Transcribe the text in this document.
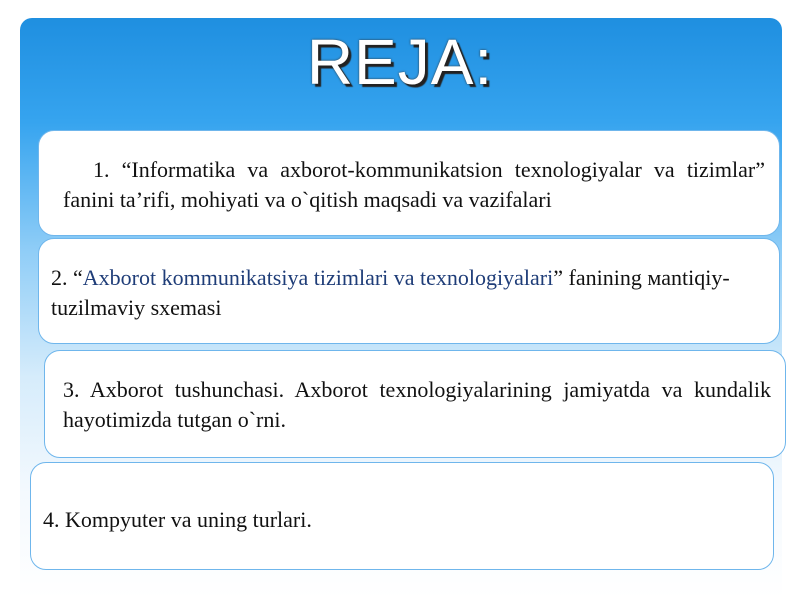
REJA:
1. “Informatika va axborot-kommunikatsion texnologiyalar va tizimlar” fanini ta’rifi, mohiyati va o`qitish maqsadi va vazifalari
2. “Axborot kommunikatsiya tizimlari va texnologiyalari” fanining мantiqiy-tuzilmaviy sxemasi
3. Axborot tushunchasi. Axborot texnologiyalarining jamiyatda va kundalik hayotimizda tutgan o`rni.
4. Kompyuter va uning turlari.
